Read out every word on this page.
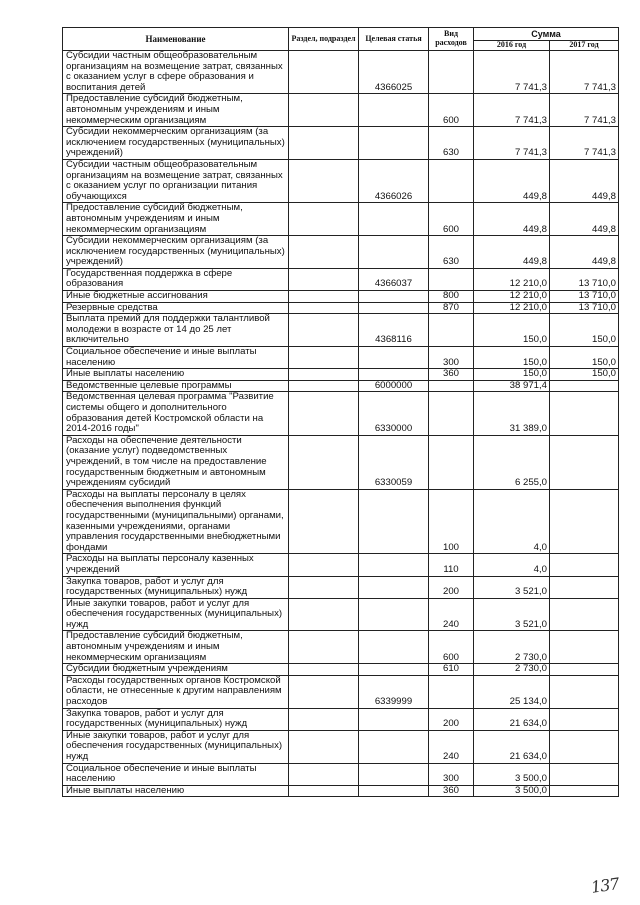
Наименование	Раздел, подраздел	Целевая статья	Вид расходов	Сумма	
				2016 год	2017 год
Субсидии частным общеобразовательным организациям на возмещение затрат, связанных с оказанием услуг в сфере образования и воспитания детей		4366025		7 741,3	7 741,3
Предоставление субсидий бюджетным, автономным учреждениям и иным некоммерческим организациям			600	7 741,3	7 741,3
Субсидии некоммерческим организациям (за исключением государственных (муниципальных) учреждений)			630	7 741,3	7 741,3
Субсидии частным общеобразовательным организациям на возмещение затрат, связанных с оказанием услуг по организации питания обучающихся		4366026		449,8	449,8
Предоставление субсидий бюджетным, автономным учреждениям и иным некоммерческим организациям			600	449,8	449,8
Субсидии некоммерческим организациям (за исключением государственных (муниципальных) учреждений)			630	449,8	449,8
Государственная поддержка в сфере образования		4366037		12 210,0	13 710,0
Иные бюджетные ассигнования			800	12 210,0	13 710,0
Резервные средства			870	12 210,0	13 710,0
Выплата премий для поддержки талантливой молодежи в возрасте от 14 до 25 лет включительно		4368116		150,0	150,0
Социальное обеспечение и иные выплаты населению			300	150,0	150,0
Иные выплаты населению			360	150,0	150,0
Ведомственные целевые программы		6000000		38 971,4	
Ведомственная целевая программа "Развитие системы общего и дополнительного образования детей Костромской области на 2014-2016 годы"		6330000		31 389,0	
Расходы на обеспечение деятельности (оказание услуг) подведомственных учреждений, в том числе на предоставление государственным бюджетным и автономным учреждениям субсидий		6330059		6 255,0	
Расходы на выплаты персоналу в целях обеспечения выполнения функций государственными (муниципальными) органами, казенными учреждениями, органами управления государственными внебюджетными фондами			100	4,0	
Расходы на выплаты персоналу казенных учреждений			110	4,0	
Закупка товаров, работ и услуг для государственных (муниципальных) нужд			200	3 521,0	
Иные закупки товаров, работ и услуг для обеспечения государственных (муниципальных) нужд			240	3 521,0	
Предоставление субсидий бюджетным, автономным учреждениям и иным некоммерческим организациям			600	2 730,0	
Субсидии бюджетным учреждениям			610	2 730,0	
Расходы государственных органов Костромской области, не отнесенные к другим направлениям расходов		6339999		25 134,0	
Закупка товаров, работ и услуг для государственных (муниципальных) нужд			200	21 634,0	
Иные закупки товаров, работ и услуг для обеспечения государственных (муниципальных) нужд			240	21 634,0	
Социальное обеспечение и иные выплаты населению			300	3 500,0	
Иные выплаты населению			360	3 500,0	
137
